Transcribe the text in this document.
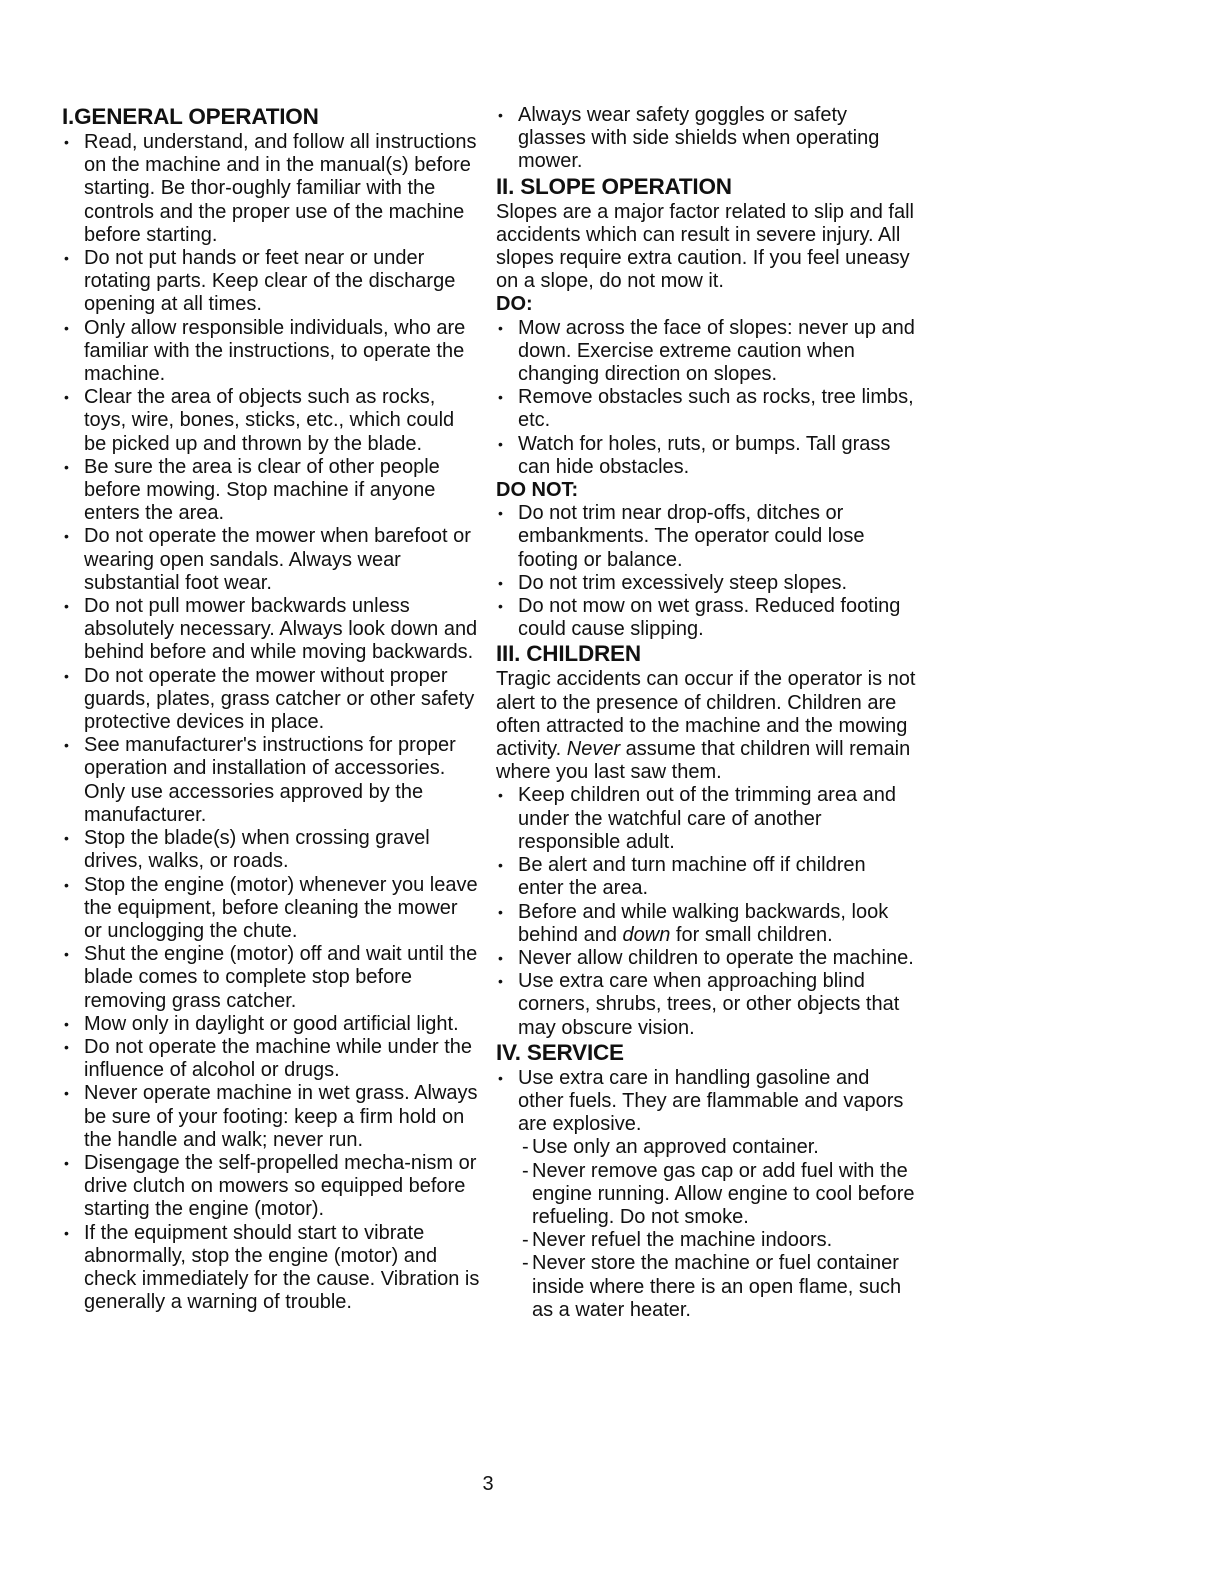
I.GENERAL OPERATION
• Read, understand, and follow all instructions on the machine and in the manual(s) before starting. Be thor-oughly familiar with the controls and the proper use of the machine before starting.
• Do not put hands or feet near or under rotating parts. Keep clear of the discharge opening at all times.
• Only allow responsible individuals, who are familiar with the instructions, to operate the machine.
• Clear the area of objects such as rocks, toys, wire, bones, sticks, etc., which could be picked up and thrown by the blade.
• Be sure the area is clear of other people before mowing. Stop machine if anyone enters the area.
• Do not operate the mower when barefoot or wearing open sandals. Always wear substantial foot wear.
• Do not pull mower backwards unless absolutely necessary. Always look down and behind before and while moving backwards.
• Do not operate the mower without proper guards, plates, grass catcher or other safety protective devices in place.
• See manufacturer's instructions for proper operation and installation of accessories. Only use accessories approved by the manufacturer.
• Stop the blade(s) when crossing gravel drives, walks, or roads.
• Stop the engine (motor) whenever you leave the equipment, before cleaning the mower or unclogging the chute.
• Shut the engine (motor) off and wait until the blade comes to complete stop before removing grass catcher.
• Mow only in daylight or good artificial light.
• Do not operate the machine while under the influence of alcohol or drugs.
• Never operate machine in wet grass. Always be sure of your footing: keep a firm hold on the handle and walk; never run.
• Disengage the self-propelled mecha-nism or drive clutch on mowers so equipped before starting the engine (motor).
• If the equipment should start to vibrate abnormally, stop the engine (motor) and check immediately for the cause. Vibration is generally a warning of trouble.
• Always wear safety goggles or safety glasses with side shields when operating mower.
II. SLOPE OPERATION

Slopes are a major factor related to slip and fall accidents which can result in severe injury. All slopes require extra caution. If you feel uneasy on a slope, do not mow it.

DO:
• Mow across the face of slopes: never up and down. Exercise extreme caution when changing direction on slopes.
• Remove obstacles such as rocks, tree limbs, etc.
• Watch for holes, ruts, or bumps. Tall grass can hide obstacles.
DO NOT:
• Do not trim near drop-offs, ditches or embankments. The operator could lose footing or balance.
• Do not trim excessively steep slopes.
• Do not mow on wet grass. Reduced footing could cause slipping.
III. CHILDREN

Tragic accidents can occur if the operator is not alert to the presence of children. Children are often attracted to the machine and the mowing activity. Never assume that children will remain where you last saw them.

• Keep children out of the trimming area and under the watchful care of another responsible adult.
• Be alert and turn machine off if children enter the area.
• Before and while walking backwards, look behind and down for small children.
• Never allow children to operate the machine.
• Use extra care when approaching blind corners, shrubs, trees, or other objects that may obscure vision.
IV. SERVICE
• Use extra care in handling gasoline and other fuels. They are flammable and vapors are explosive.
- Use only an approved container.
- Never remove gas cap or add fuel with the engine running. Allow engine to cool before refueling. Do not smoke.
- Never refuel the machine indoors.
- Never store the machine or fuel container inside where there is an open flame, such as a water heater.
3
